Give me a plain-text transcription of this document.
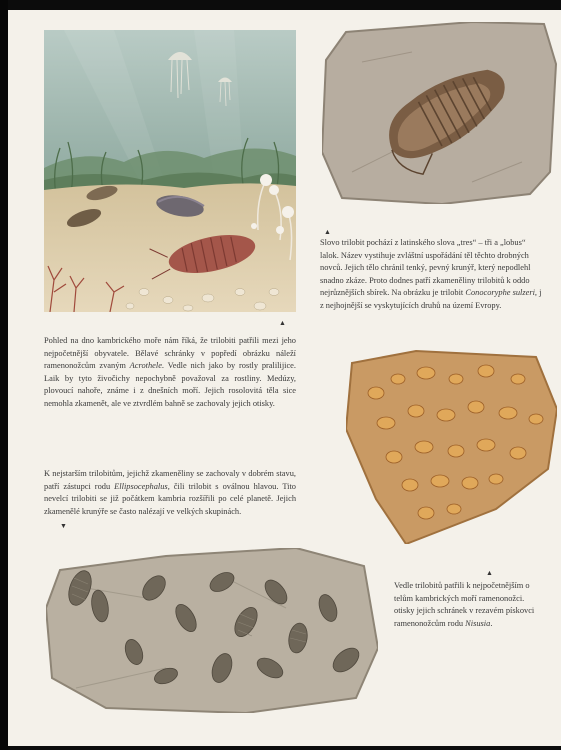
▲

Pohled na dno kambrického moře nám říká, že trilobiti patřili mezi jeho nejpočetnější obyvatele. Bělavé schránky v popředí obrázku náleží ramenonožcům zvaným Acrothele. Vedle nich jako by rostly pralilijice. Laik by tyto živočichy nepochybně považoval za rostliny. Medúzy, plovoucí nahoře, známe i z dnešních moří. Jejich rosolovitá těla sice nemohla zkamenět, ale ve ztvrdlém bahně se zachovaly jejich otisky.

K nejstarším trilobitům, jejichž zkameněliny se zachovaly v dobrém stavu, patří zástupci rodu Ellipsocephalus, čili trilobit s oválnou hlavou. Tito nevelcí trilobiti se již počátkem kambria rozšířili po celé planetě. Jejich zkamenělé krunýře se často nalézají ve velkých skupinách.

▼
▲

Slovo trilobit pochází z latinského slova „tres“ – tři a „lobus“
lalok. Název vystihuje zvláštní uspořádání těl těchto drobných
novců. Jejich tělo chránil tenký, pevný krunýř, který nepodlehl
snadno zkáze. Proto dodnes patří zkameněliny trilobitů k oddo
nejrůznějších sbírek. Na obrázku je trilobit Conocoryphe sulzeri, j
z nejhojnější se vyskytujících druhů na území Evropy.

▲

Vedle trilobitů patřili k nejpočetnějším o
telům kambrických moří ramenonožci.
otisky jejich schránek v rezavém pískovci
ramenonožcům rodu Nisusia.
